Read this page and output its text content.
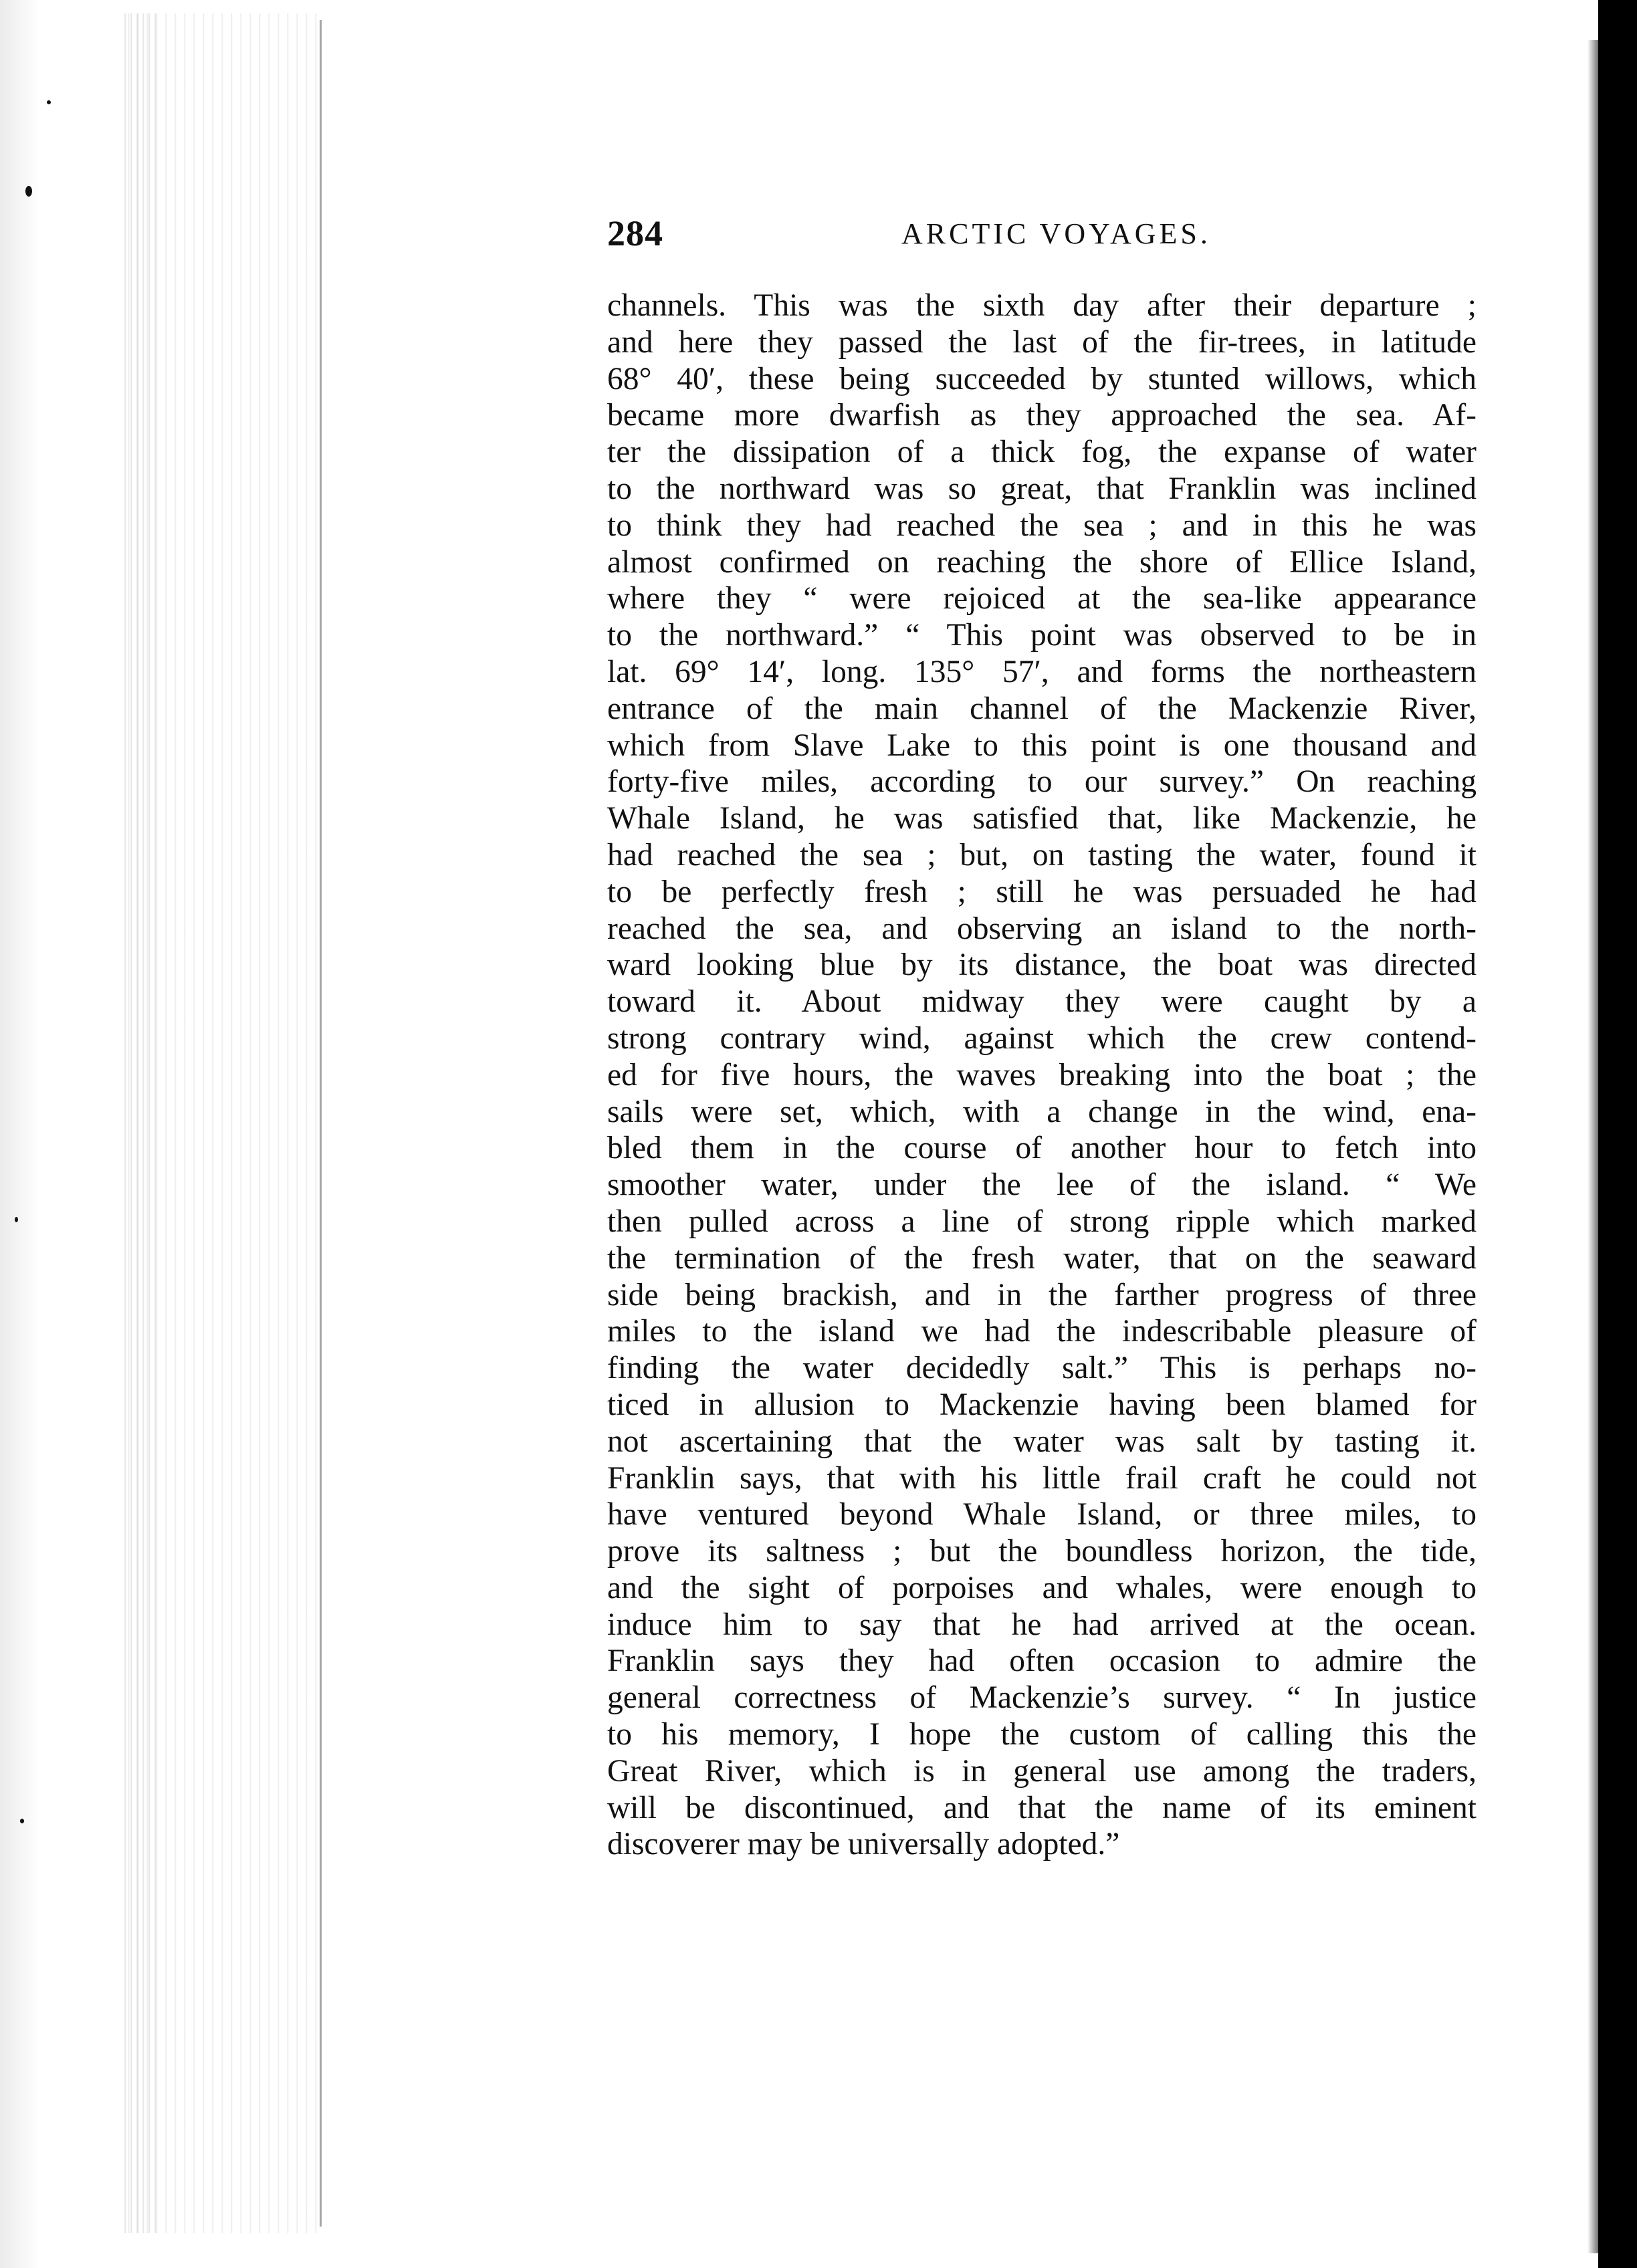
284	ARCTIC VOYAGES.
channels. This was the sixth day after their departure ;
and here they passed the last of the fir-trees, in latitude
68° 40′, these being succeeded by stunted willows, which
became more dwarfish as they approached the sea. Af-
ter the dissipation of a thick fog, the expanse of water
to the northward was so great, that Franklin was inclined
to think they had reached the sea ; and in this he was
almost confirmed on reaching the shore of Ellice Island,
where they “ were rejoiced at the sea-like appearance
to the northward.” “ This point was observed to be in
lat. 69° 14′, long. 135° 57′, and forms the northeastern
entrance of the main channel of the Mackenzie River,
which from Slave Lake to this point is one thousand and
forty-five miles, according to our survey.” On reaching
Whale Island, he was satisfied that, like Mackenzie, he
had reached the sea ; but, on tasting the water, found it
to be perfectly fresh ; still he was persuaded he had
reached the sea, and observing an island to the north-
ward looking blue by its distance, the boat was directed
toward it. About midway they were caught by a
strong contrary wind, against which the crew contend-
ed for five hours, the waves breaking into the boat ; the
sails were set, which, with a change in the wind, ena-
bled them in the course of another hour to fetch into
smoother water, under the lee of the island. “ We
then pulled across a line of strong ripple which marked
the termination of the fresh water, that on the seaward
side being brackish, and in the farther progress of three
miles to the island we had the indescribable pleasure of
finding the water decidedly salt.” This is perhaps no-
ticed in allusion to Mackenzie having been blamed for
not ascertaining that the water was salt by tasting it.
Franklin says, that with his little frail craft he could not
have ventured beyond Whale Island, or three miles, to
prove its saltness ; but the boundless horizon, the tide,
and the sight of porpoises and whales, were enough to
induce him to say that he had arrived at the ocean.
Franklin says they had often occasion to admire the
general correctness of Mackenzie’s survey. “ In justice
to his memory, I hope the custom of calling this the
Great River, which is in general use among the traders,
will be discontinued, and that the name of its eminent
discoverer may be universally adopted.”
